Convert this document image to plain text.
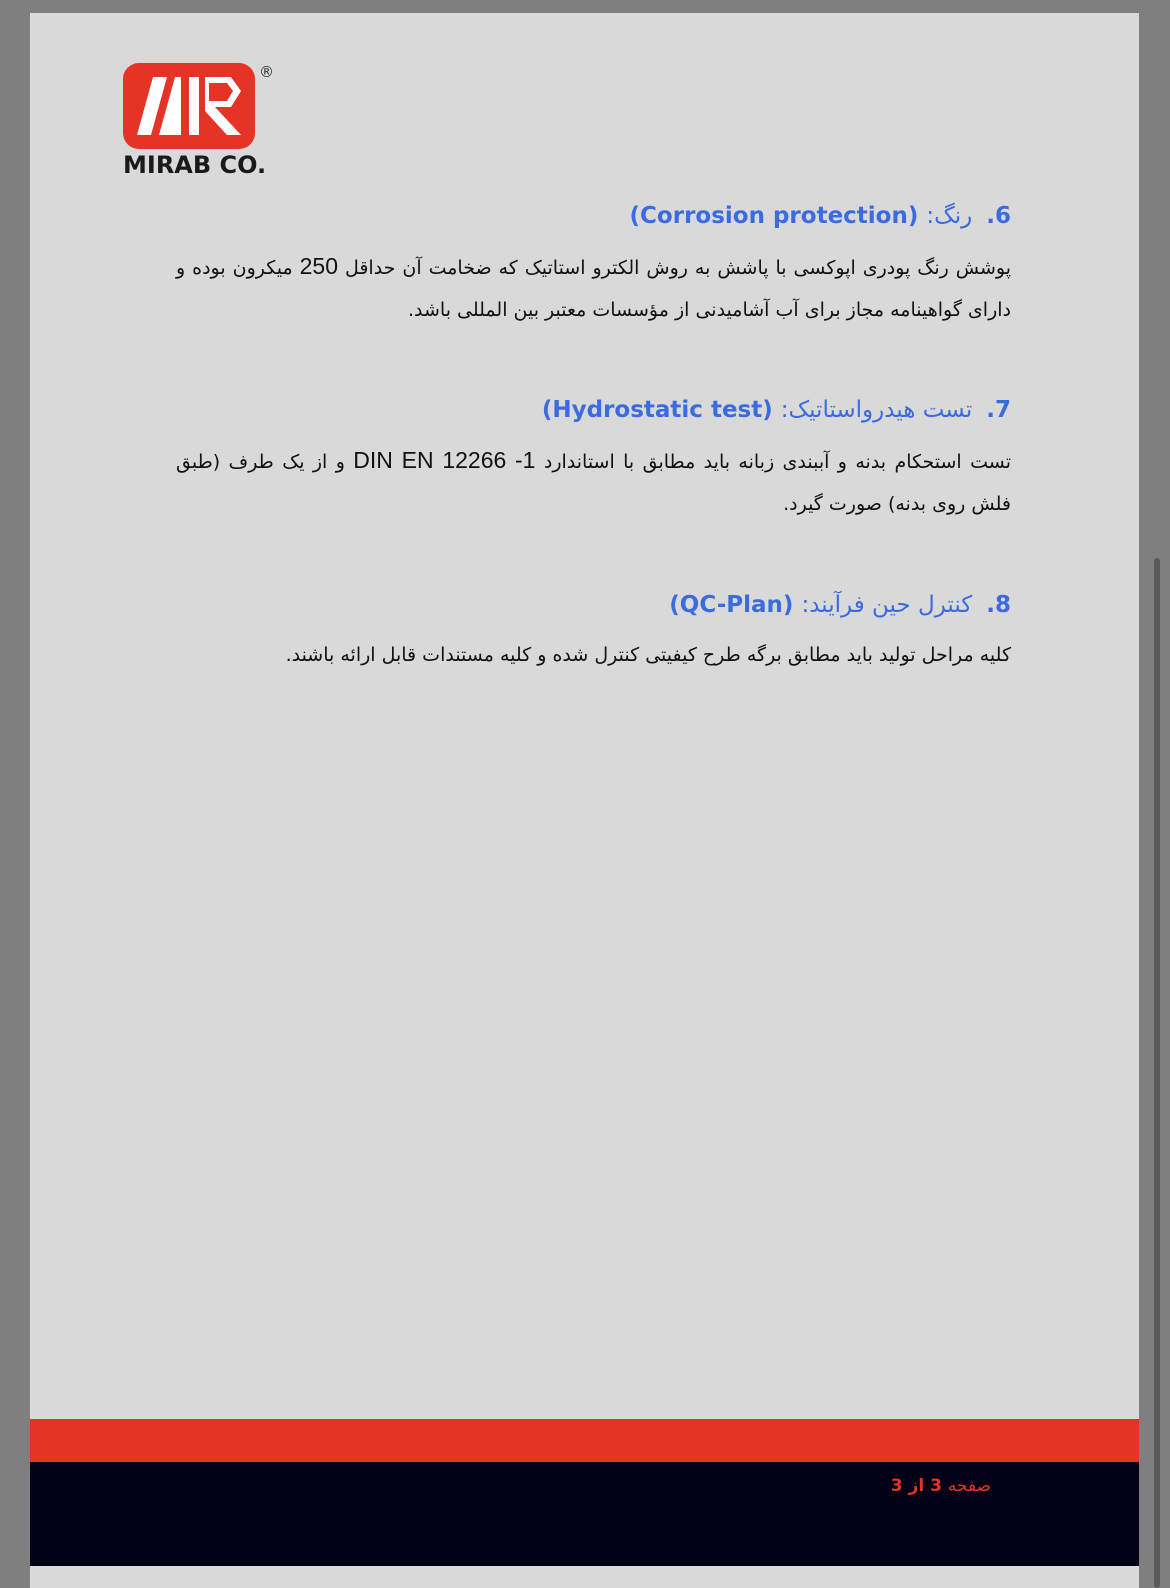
®
MIRAB CO.
6.رنگ: (Corrosion protection)
پوشش رنگ پودری اپوکسی با پاشش به روش الکترو استاتیک که ضخامت آن حداقل 250 میکرون بوده و دارای گواهینامه مجاز برای آب آشامیدنی از مؤسسات معتبر بین المللی باشد.
7.تست هیدرواستاتیک: (Hydrostatic test)
تست استحکام بدنه و آببندی زبانه باید مطابق با استاندارد DIN EN 12266 -1 و از یک طرف (طبق فلش روی بدنه) صورت گیرد.
8.کنترل حین فرآیند: (QC-Plan)
کلیه مراحل تولید باید مطابق برگه طرح کیفیتی کنترل شده و کلیه مستندات قابل ارائه باشند.
صفحه 3 از 3
